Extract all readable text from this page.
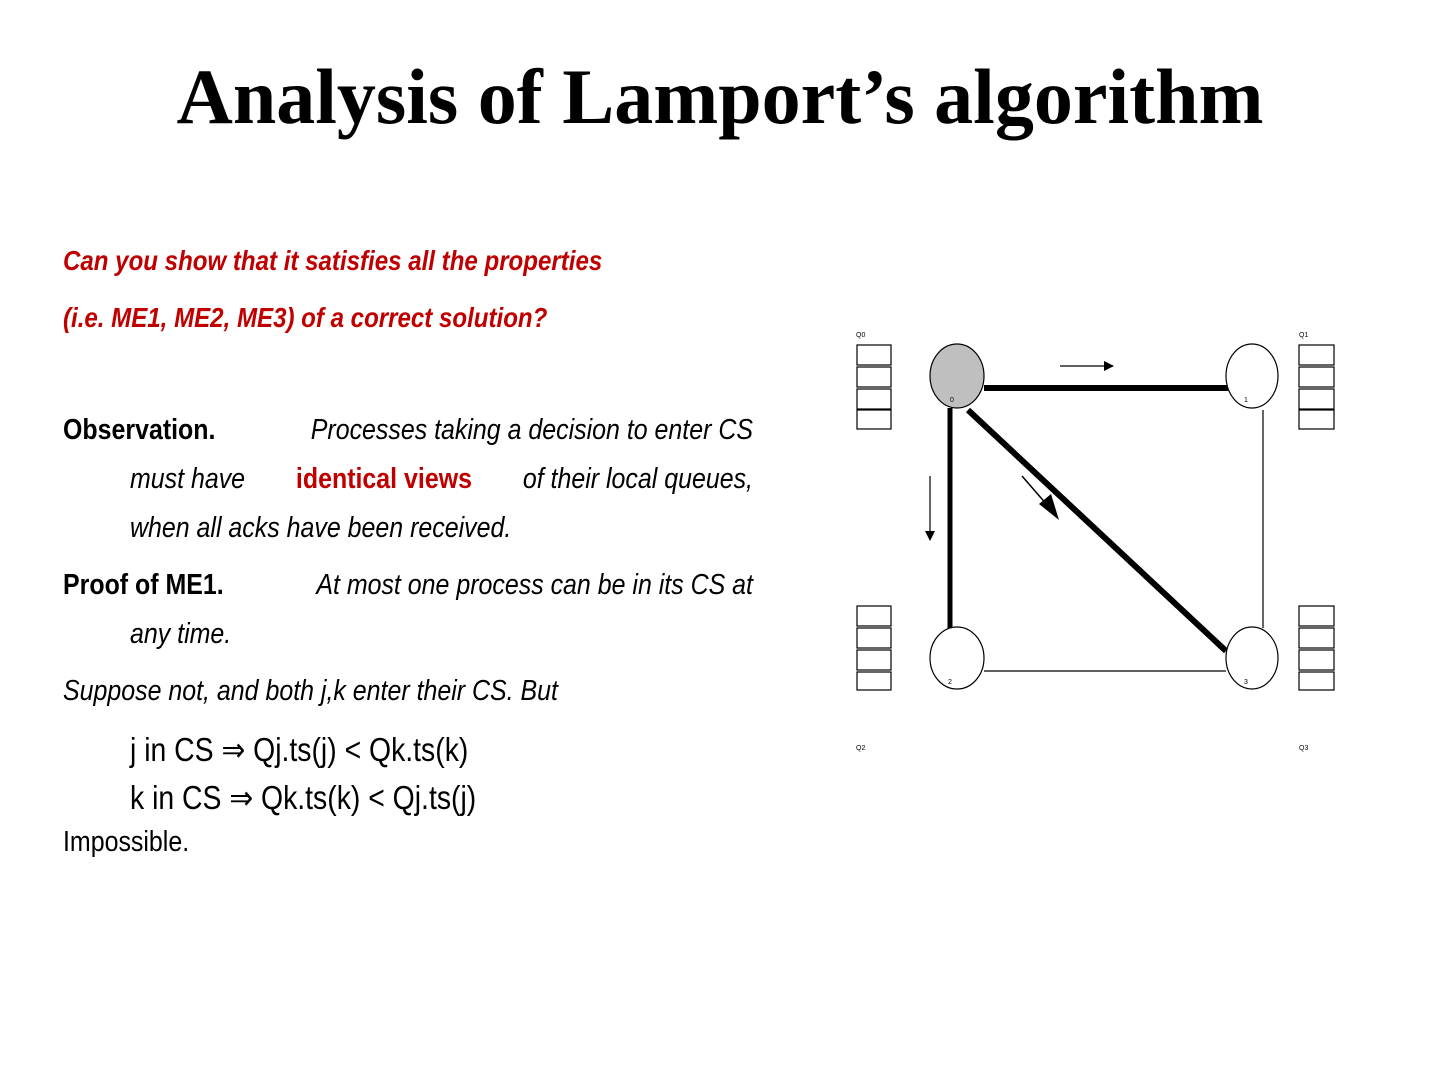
Analysis of Lamport’s algorithm
Can you show that it satisfies all the properties
(i.e. ME1, ME2, ME3) of a correct solution?
Observation.	Processes taking a decision to enter CS
must have identical views of their local queues,
when all acks have been received.
Proof of ME1.	At most one process can be in its CS at
any time.
Suppose not, and both j,k enter their CS. But
j in CS ⇒ Qj.ts(j) < Qk.ts(k)
k in CS ⇒ Qk.ts(k) < Qj.ts(j)
Impossible.
Q0	Q1
Q2	Q3
0	1
2	3
